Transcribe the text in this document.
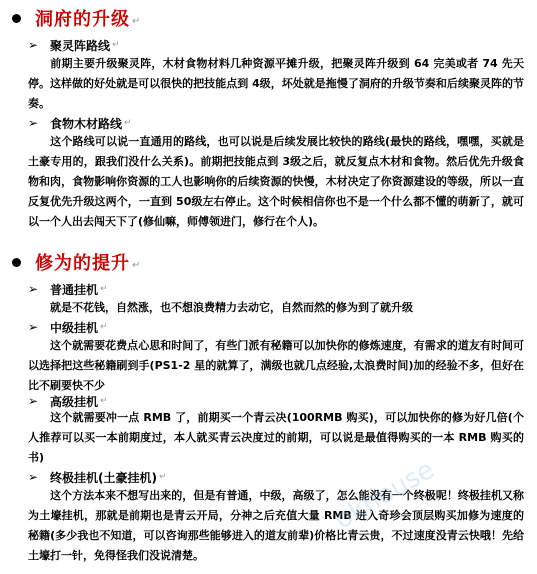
洞府的升级 ↵
➢ 聚灵阵路线 ↵
前期主要升级聚灵阵，木材食物材料几种资源平摊升级，把聚灵阵升级到 64 完美或者 74 先天停。这样做的好处就是可以很快的把技能点到 4级，坏处就是拖慢了洞府的升级节奏和后续聚灵阵的节奏。
➢ 食物木材路线 ↵
这个路线可以说一直通用的路线，也可以说是后续发展比较快的路线(最快的路线，嘿嘿，买就是土豪专用的，跟我们没什么关系)。前期把技能点到 3级之后，就反复点木材和食物。然后优先升级食物和肉，食物影响你资源的工人也影响你的后续资源的快慢，木材决定了你资源建设的等级，所以一直反复优先升级这两个，一直到 50级左右停止。这个时候相信你也不是一个什么都不懂的萌新了，就可以一个人出去闯天下了(修仙嘛，师傅领进门，修行在个人)。
修为的提升 ↵
➢ 普通挂机 ↵
就是不花钱，自然涨，也不想浪费精力去动它，自然而然的修为到了就升级
➢ 中级挂机 ↵
这个就需要花费点心思和时间了，有些门派有秘籍可以加快你的修炼速度，有需求的道友有时间可以选择把这些秘籍刷到手(PS1-2 星的就算了，满级也就几点经验,太浪费时间)加的经验不多，但好在比不刷要快不少
➢ 高级挂机 ↵
这个就需要冲一点 RMB 了，前期买一个青云决(100RMB 购买)，可以加快你的修为好几倍(个人推荐可以买一本前期度过，本人就买青云决度过的前期，可以说是最值得购买的一本 RMB 购买的书)
➢ 终极挂机(土豪挂机) ↵
这个方法本来不想写出来的，但是有普通，中级，高级了，怎么能没有一个终极呢！终极挂机又称为土壕挂机，那就是前期也是青云开局，分神之后充值大量 RMB 进入奇珍会顶层购买加修为速度的秘籍(多少我也不知道，可以咨询那些能够进入的道友前辈)价格比青云贵，不过速度没青云快哦！先给土壕打一针，免得怪我们没说清楚。
okhouse
